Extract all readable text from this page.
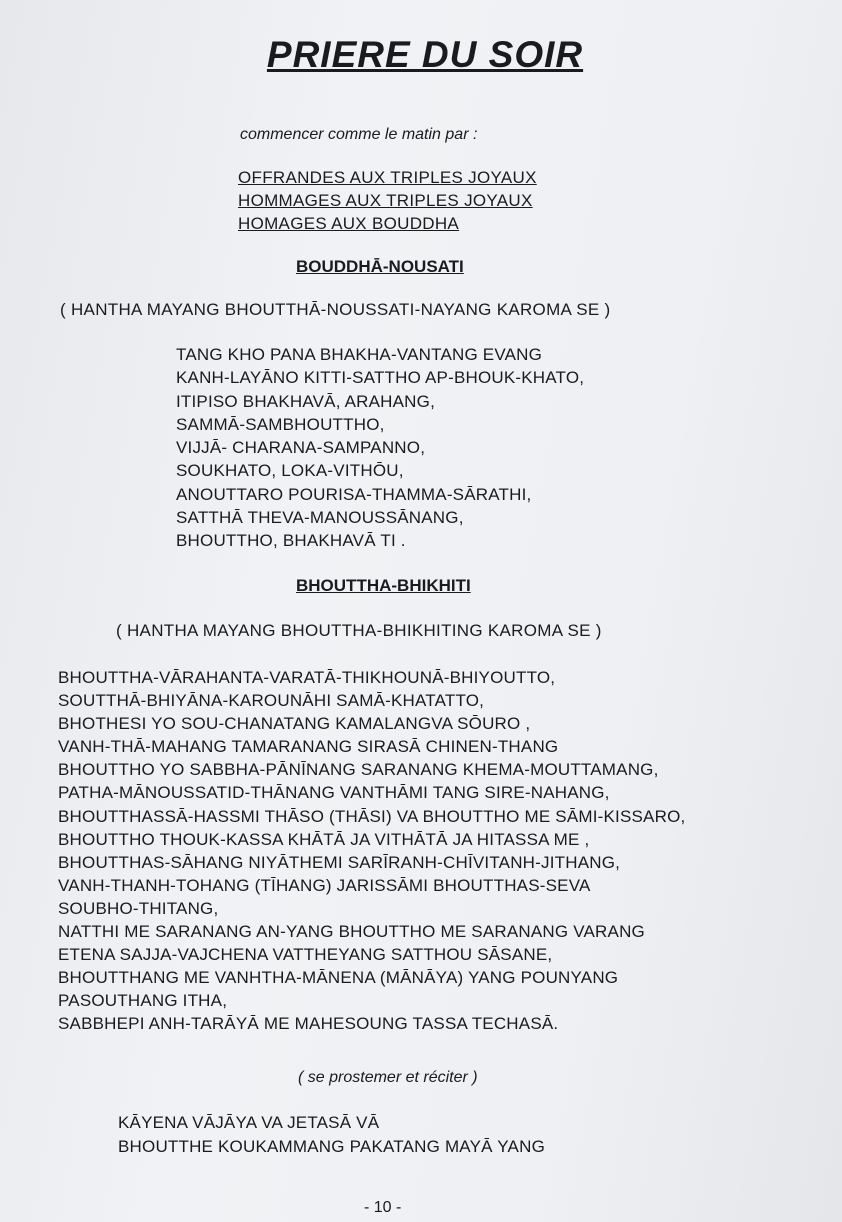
PRIERE DU SOIR

commencer comme le matin par :

OFFRANDES AUX TRIPLES JOYAUX
HOMMAGES AUX TRIPLES JOYAUX
HOMAGES AUX BOUDDHA
BOUDDHĀ-NOUSATI

( HANTHA MAYANG BHOUTTHĀ-NOUSSATI-NAYANG KAROMA SE )

TANG KHO PANA BHAKHA-VANTANG EVANG
KANH-LAYĀNO KITTI-SATTHO AP-BHOUK-KHATO,
ITIPISO BHAKHAVĀ, ARAHANG,
SAMMĀ-SAMBHOUTTHO,
VIJJĀ- CHARANA-SAMPANNO,
SOUKHATO, LOKA-VITHŌU,
ANOUTTARO POURISA-THAMMA-SĀRATHI,
SATTHĀ THEVA-MANOUSSĀNANG,
BHOUTTHO, BHAKHAVĀ TI .
BHOUTTHA-BHIKHITI

( HANTHA MAYANG BHOUTTHA-BHIKHITING KAROMA SE )

BHOUTTHA-VĀRAHANTA-VARATĀ-THIKHOUNĀ-BHIYOUTTO,
SOUTTHĀ-BHIYĀNA-KAROUNĀHI SAMĀ-KHATATTO,
BHOTHESI YO SOU-CHANATANG KAMALANGVA SŌURO ,
VANH-THĀ-MAHANG TAMARANANG SIRASĀ CHINEN-THANG
BHOUTTHO YO SABBHA-PĀNĪNANG SARANANG KHEMA-MOUTTAMANG,
PATHA-MĀNOUSSATID-THĀNANG VANTHĀMI TANG SIRE-NAHANG,
BHOUTTHASSĀ-HASSMI THĀSO (THĀSI) VA BHOUTTHO ME SĀMI-KISSARO,
BHOUTTHO THOUK-KASSA KHĀTĀ JA VITHĀTĀ JA HITASSA ME ,
BHOUTTHAS-SĀHANG NIYĀTHEMI SARĪRANH-CHĪVITANH-JITHANG,
VANH-THANH-TOHANG (TĪHANG) JARISSĀMI BHOUTTHAS-SEVA
SOUBHO-THITANG,
NATTHI ME SARANANG AN-YANG BHOUTTHO ME SARANANG VARANG
ETENA SAJJA-VAJCHENA VATTHEYANG SATTHOU SĀSANE,
BHOUTTHANG ME VANHTHA-MĀNENA (MĀNĀYA) YANG POUNYANG
PASOUTHANG ITHA,
SABBHEPI ANH-TARĀYĀ ME MAHESOUNG TASSA TECHASĀ.

( se prostemer et réciter )

KĀYENA VĀJĀYA VA JETASĀ VĀ
BHOUTTHE KOUKAMMANG PAKATANG MAYĀ YANG

- 10 -
